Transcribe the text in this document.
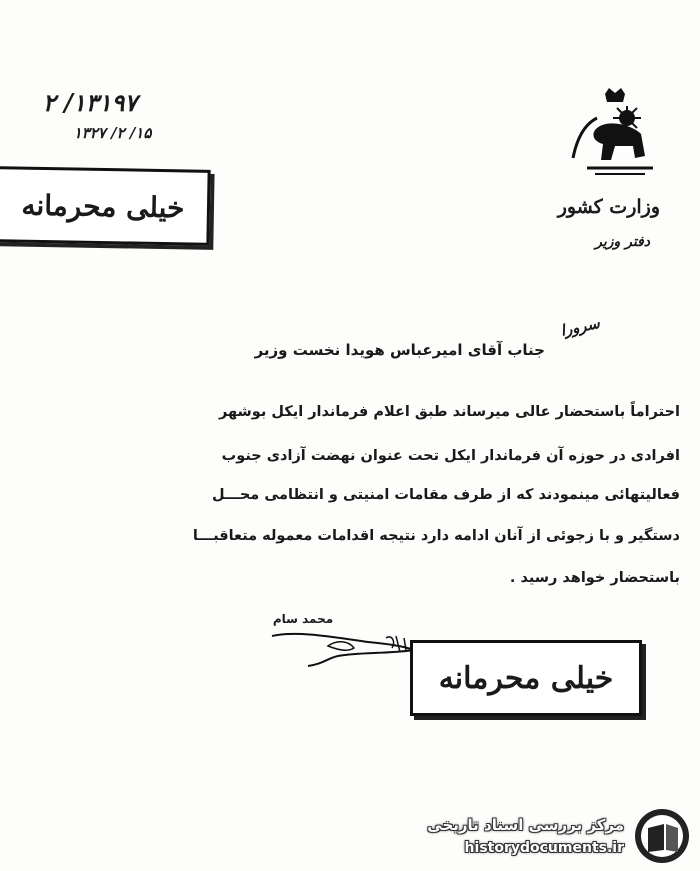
۱۳۱۹۷/ ۲
۱۵/ ۲/ ۱۳۲۷
خیلی محرمانه	وزارت کشور
دفتر وزیر
سرورا
جناب آقای امیرعباس هویدا نخست وزیر
احتراماً باستحضار عالی میرساند طبق اعلام فرماندار ایکل بوشهر
افرادی در حوزه آن فرماندار ایکل تحت عنوان نهضت آزادی جنوب
فعالیتهائی مینمودند که از طرف مقامات امنیتی و انتظامی محـــل
دستگیر و با زجوئی از آنان ادامه دارد نتیجه اقدامات معموله متعاقبـــا
باستحضار خواهد رسید .
محمد سام
خیلی محرمانه
مرکز بررسی اسناد تاریخی
historydocuments.ir
